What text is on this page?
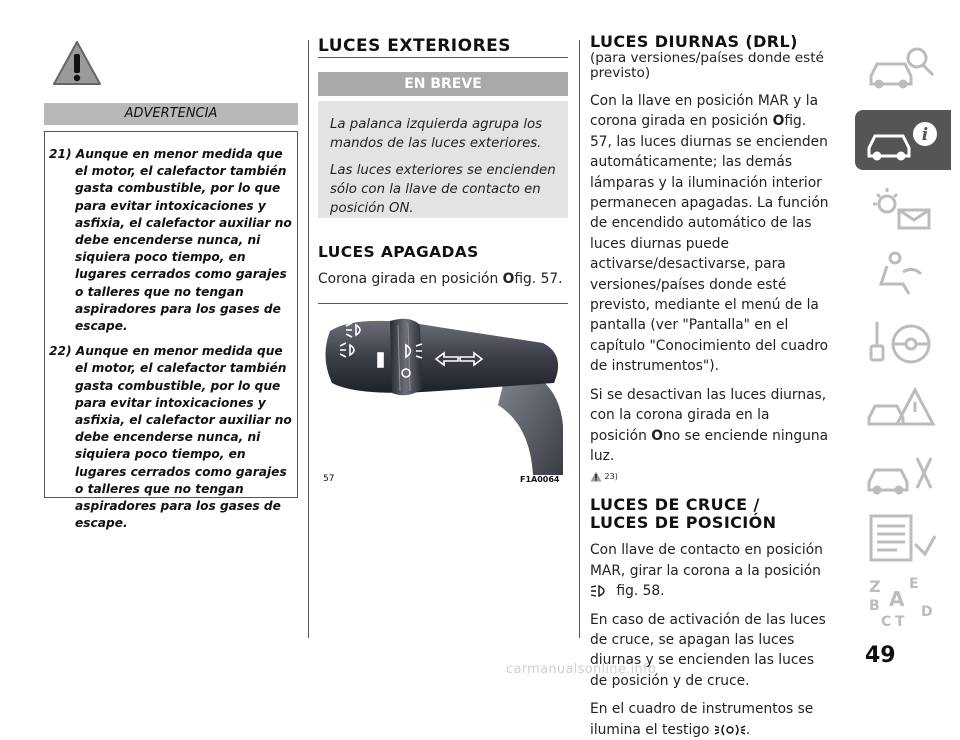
ADVERTENCIA
21) Aunque en menor medida que el motor, el calefactor también gasta combustible, por lo que para evitar intoxicaciones y asfixia, el calefactor auxiliar no debe encenderse nunca, ni siquiera poco tiempo, en lugares cerrados como garajes o talleres que no tengan aspiradores para los gases de escape.
22) Aunque en menor medida que el motor, el calefactor también gasta combustible, por lo que para evitar intoxicaciones y asfixia, el calefactor auxiliar no debe encenderse nunca, ni siquiera poco tiempo, en lugares cerrados como garajes o talleres que no tengan aspiradores para los gases de escape.
LUCES EXTERIORES
EN BREVE

La palanca izquierda agrupa los mandos de las luces exteriores.

Las luces exteriores se encienden sólo con la llave de contacto en posición ON.

LUCES APAGADAS
Corona girada en posición Ofig. 57.
57	F1A0064
LUCES DIURNAS (DRL)
(para versiones/países donde esté previsto)
Con la llave en posición MAR y la corona girada en posición Ofig. 57, las luces diurnas se encienden automáticamente; las demás lámparas y la iluminación interior permanecen apagadas. La función de encendido automático de las luces diurnas puede activarse/desactivarse, para versiones/países donde esté previsto, mediante el menú de la pantalla (ver "Pantalla" en el capítulo "Conocimiento del cuadro de instrumentos").
Si se desactivan las luces diurnas, con la corona girada en la posición Ono se enciende ninguna luz.
23)
LUCES DE CRUCE /
LUCES DE POSICIÓN
Con llave de contacto en posición MAR, girar la corona a la posición
fig. 58.
En caso de activación de las luces de cruce, se apagan las luces diurnas y se encienden las luces de posición y de cruce.
En el cuadro de instrumentos se ilumina el testigo	.
i
Z E
B A
C T
D
49
carmanualsonline.info
